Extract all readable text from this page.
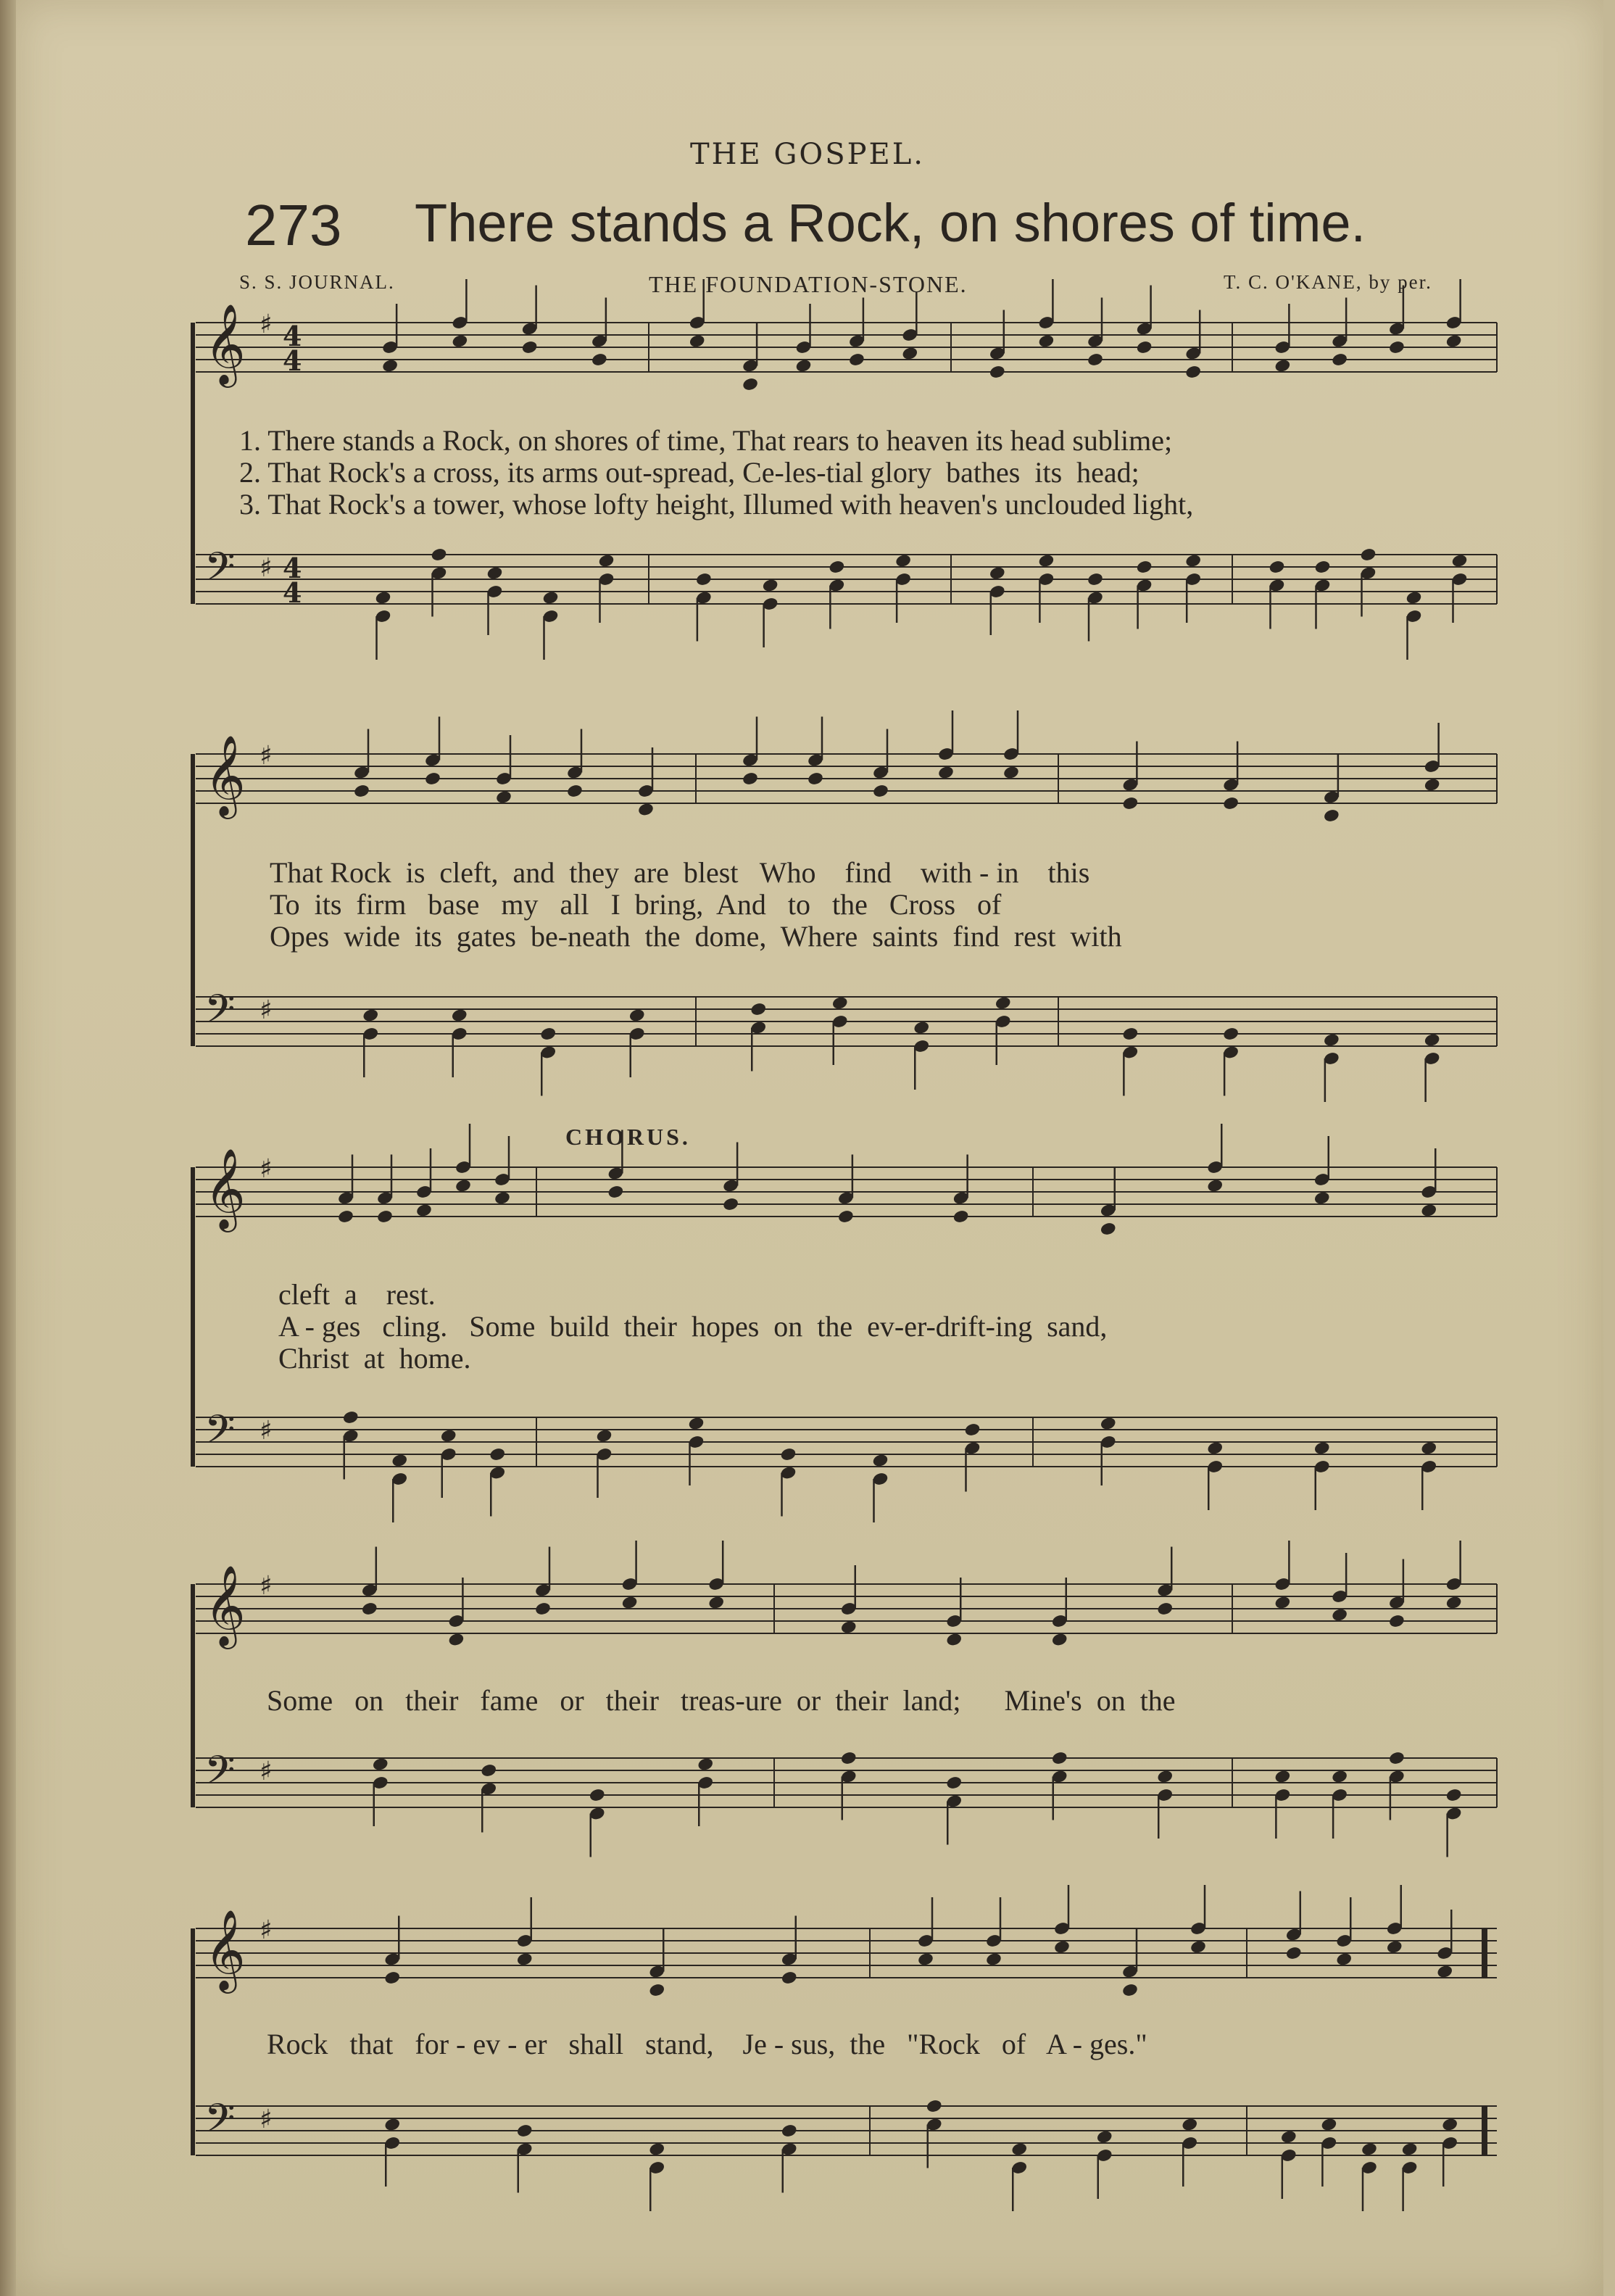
THE GOSPEL.
273 There stands a Rock, on shores of time.
S. S. JOURNAL.	THE FOUNDATION-STONE.	T. C. O'KANE, by per.
𝄞 ♯ 4
4
𝄢 ♯ 4
4
𝄞 ♯
𝄢 ♯
𝄞 ♯
𝄢 ♯
𝄞 ♯
𝄢 ♯
𝄞 ♯
𝄢 ♯
1. There stands a Rock, on shores of time, That rears to heaven its head sublime;
2. That Rock's a cross, its arms out-spread, Ce-les-tial glory  bathes  its  head;
3. That Rock's a tower, whose lofty height, Illumed with heaven's unclouded light,
That Rock  is  cleft,  and  they  are  blest   Who    find    with - in    this
To  its  firm   base   my   all   I  bring,  And   to   the   Cross   of
Opes  wide  its  gates  be-neath  the  dome,  Where  saints  find  rest  with
CHORUS.
cleft  a    rest.
A - ges   cling.   Some  build  their  hopes  on  the  ev-er-drift-ing  sand,
Christ  at  home.
Some   on   their   fame   or   their   treas-ure  or  their  land;      Mine's  on  the
Rock   that   for - ev - er   shall   stand,    Je - sus,  the   "Rock   of   A - ges."
